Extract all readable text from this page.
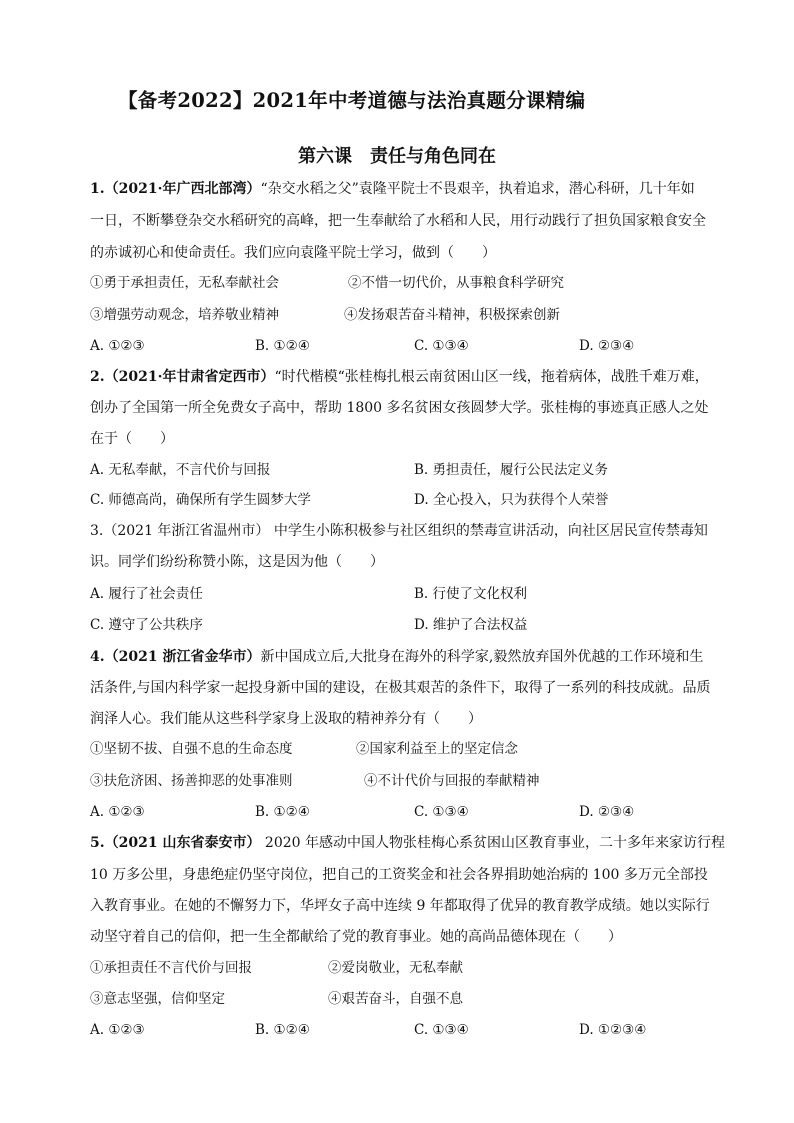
【备考2022】2021年中考道德与法治真题分课精编
第六课　责任与角色同在
1.（2021·年广西北部湾）“杂交水稻之父”袁隆平院士不畏艰辛，执着追求，潜心科研，几十年如
一日，不断攀登杂交水稻研究的高峰，把一生奉献给了水稻和人民，用行动践行了担负国家粮食安全
的赤诚初心和使命责任。我们应向袁隆平院士学习，做到（　　）
①勇于承担责任，无私奉献社会	②不惜一切代价，从事粮食科学研究
③增强劳动观念，培养敬业精神	④发扬艰苦奋斗精神，积极探索创新
A. ①②③	B. ①②④	C. ①③④	D. ②③④
2.（2021·年甘肃省定西市）“时代楷模“张桂梅扎根云南贫困山区一线，拖着病体，战胜千难万难，
创办了全国第一所全免费女子高中，帮助 1800 多名贫困女孩圆梦大学。张桂梅的事迹真正感人之处
在于（　　）
A. 无私奉献，不言代价与回报	B. 勇担责任，履行公民法定义务
C. 师德高尚，确保所有学生圆梦大学	D. 全心投入，只为获得个人荣誉
3.（2021 年浙江省温州市） 中学生小陈积极参与社区组织的禁毒宣讲活动，向社区居民宣传禁毒知
识。同学们纷纷称赞小陈，这是因为他（　　）
A. 履行了社会责任	B. 行使了文化权利
C. 遵守了公共秩序	D. 维护了合法权益
4.（2021 浙江省金华市）新中国成立后,大批身在海外的科学家,毅然放弃国外优越的工作环境和生
活条件,与国内科学家一起投身新中国的建设，在极其艰苦的条件下，取得了一系列的科技成就。品质
润泽人心。我们能从这些科学家身上汲取的精神养分有（　　）
①坚韧不拔、自强不息的生命态度	②国家利益至上的坚定信念
③扶危济困、扬善抑恶的处事准则	④不计代价与回报的奉献精神
A. ①②③	B. ①②④	C. ①③④	D. ②③④
5.（2021 山东省泰安市） 2020 年感动中国人物张桂梅心系贫困山区教育事业，二十多年来家访行程
10 万多公里，身患绝症仍坚守岗位，把自己的工资奖金和社会各界捐助她治病的 100 多万元全部投
入教育事业。在她的不懈努力下，华坪女子高中连续 9 年都取得了优异的教育教学成绩。她以实际行
动坚守着自己的信仰，把一生全都献给了党的教育事业。她的高尚品德体现在（　　）
①承担责任不言代价与回报	②爱岗敬业，无私奉献
③意志坚强，信仰坚定	④艰苦奋斗，自强不息
A. ①②③	B. ①②④	C. ①③④	D. ①②③④
